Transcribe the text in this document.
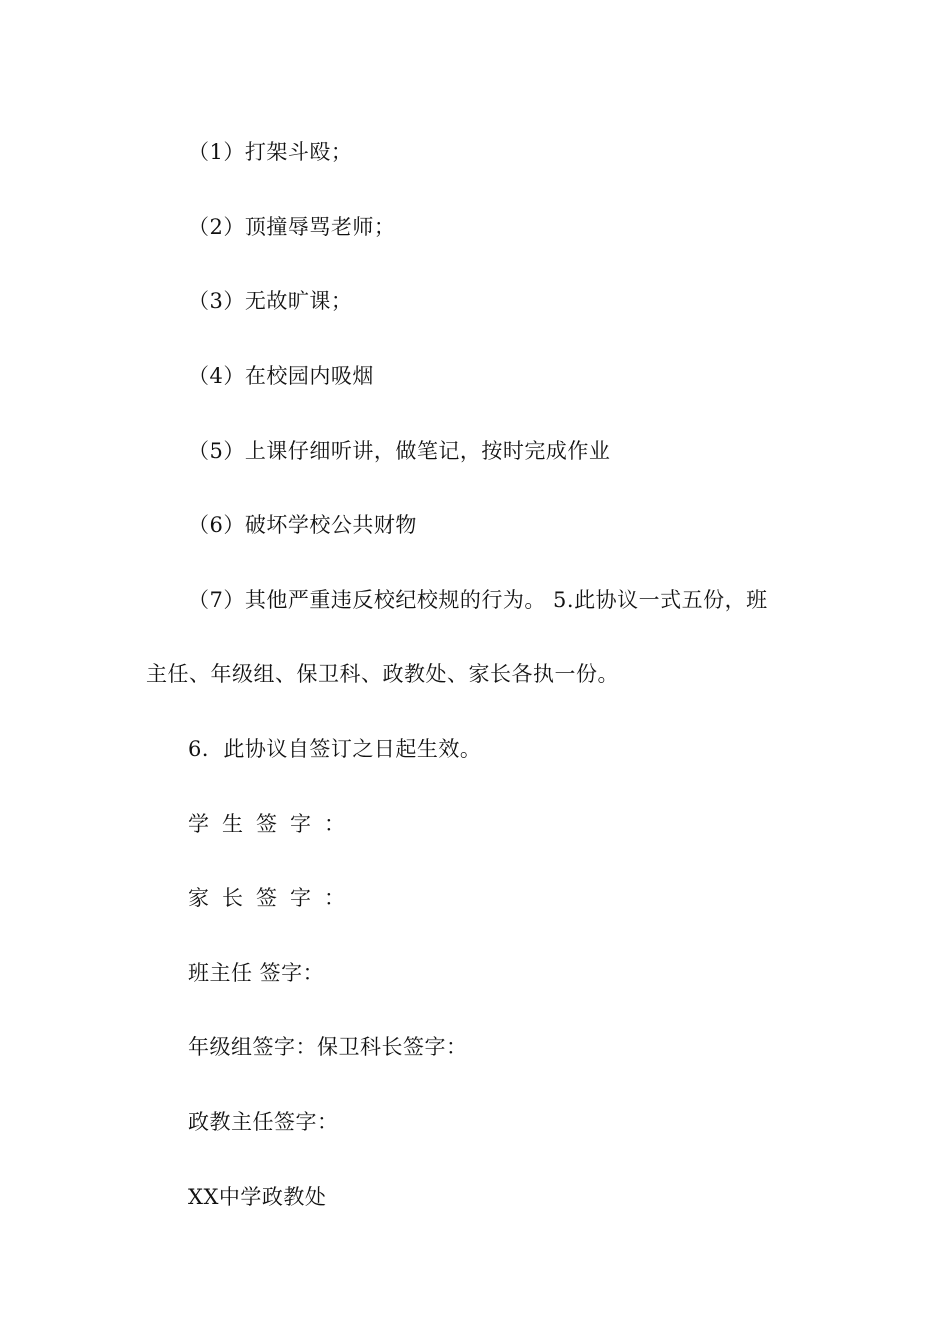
（1）打架斗殴；
（2）顶撞辱骂老师；
（3）无故旷课；
（4）在校园内吸烟
（5）上课仔细听讲，做笔记，按时完成作业
（6）破坏学校公共财物
（7）其他严重违反校纪校规的行为。 5.此协议一式五份，班
主任、年级组、保卫科、政教处、家长各执一份。
6．此协议自签订之日起生效。
学生签字：
家长签字：
班主任 签字：
年级组签字：保卫科长签字：
政教主任签字：
XX中学政教处
